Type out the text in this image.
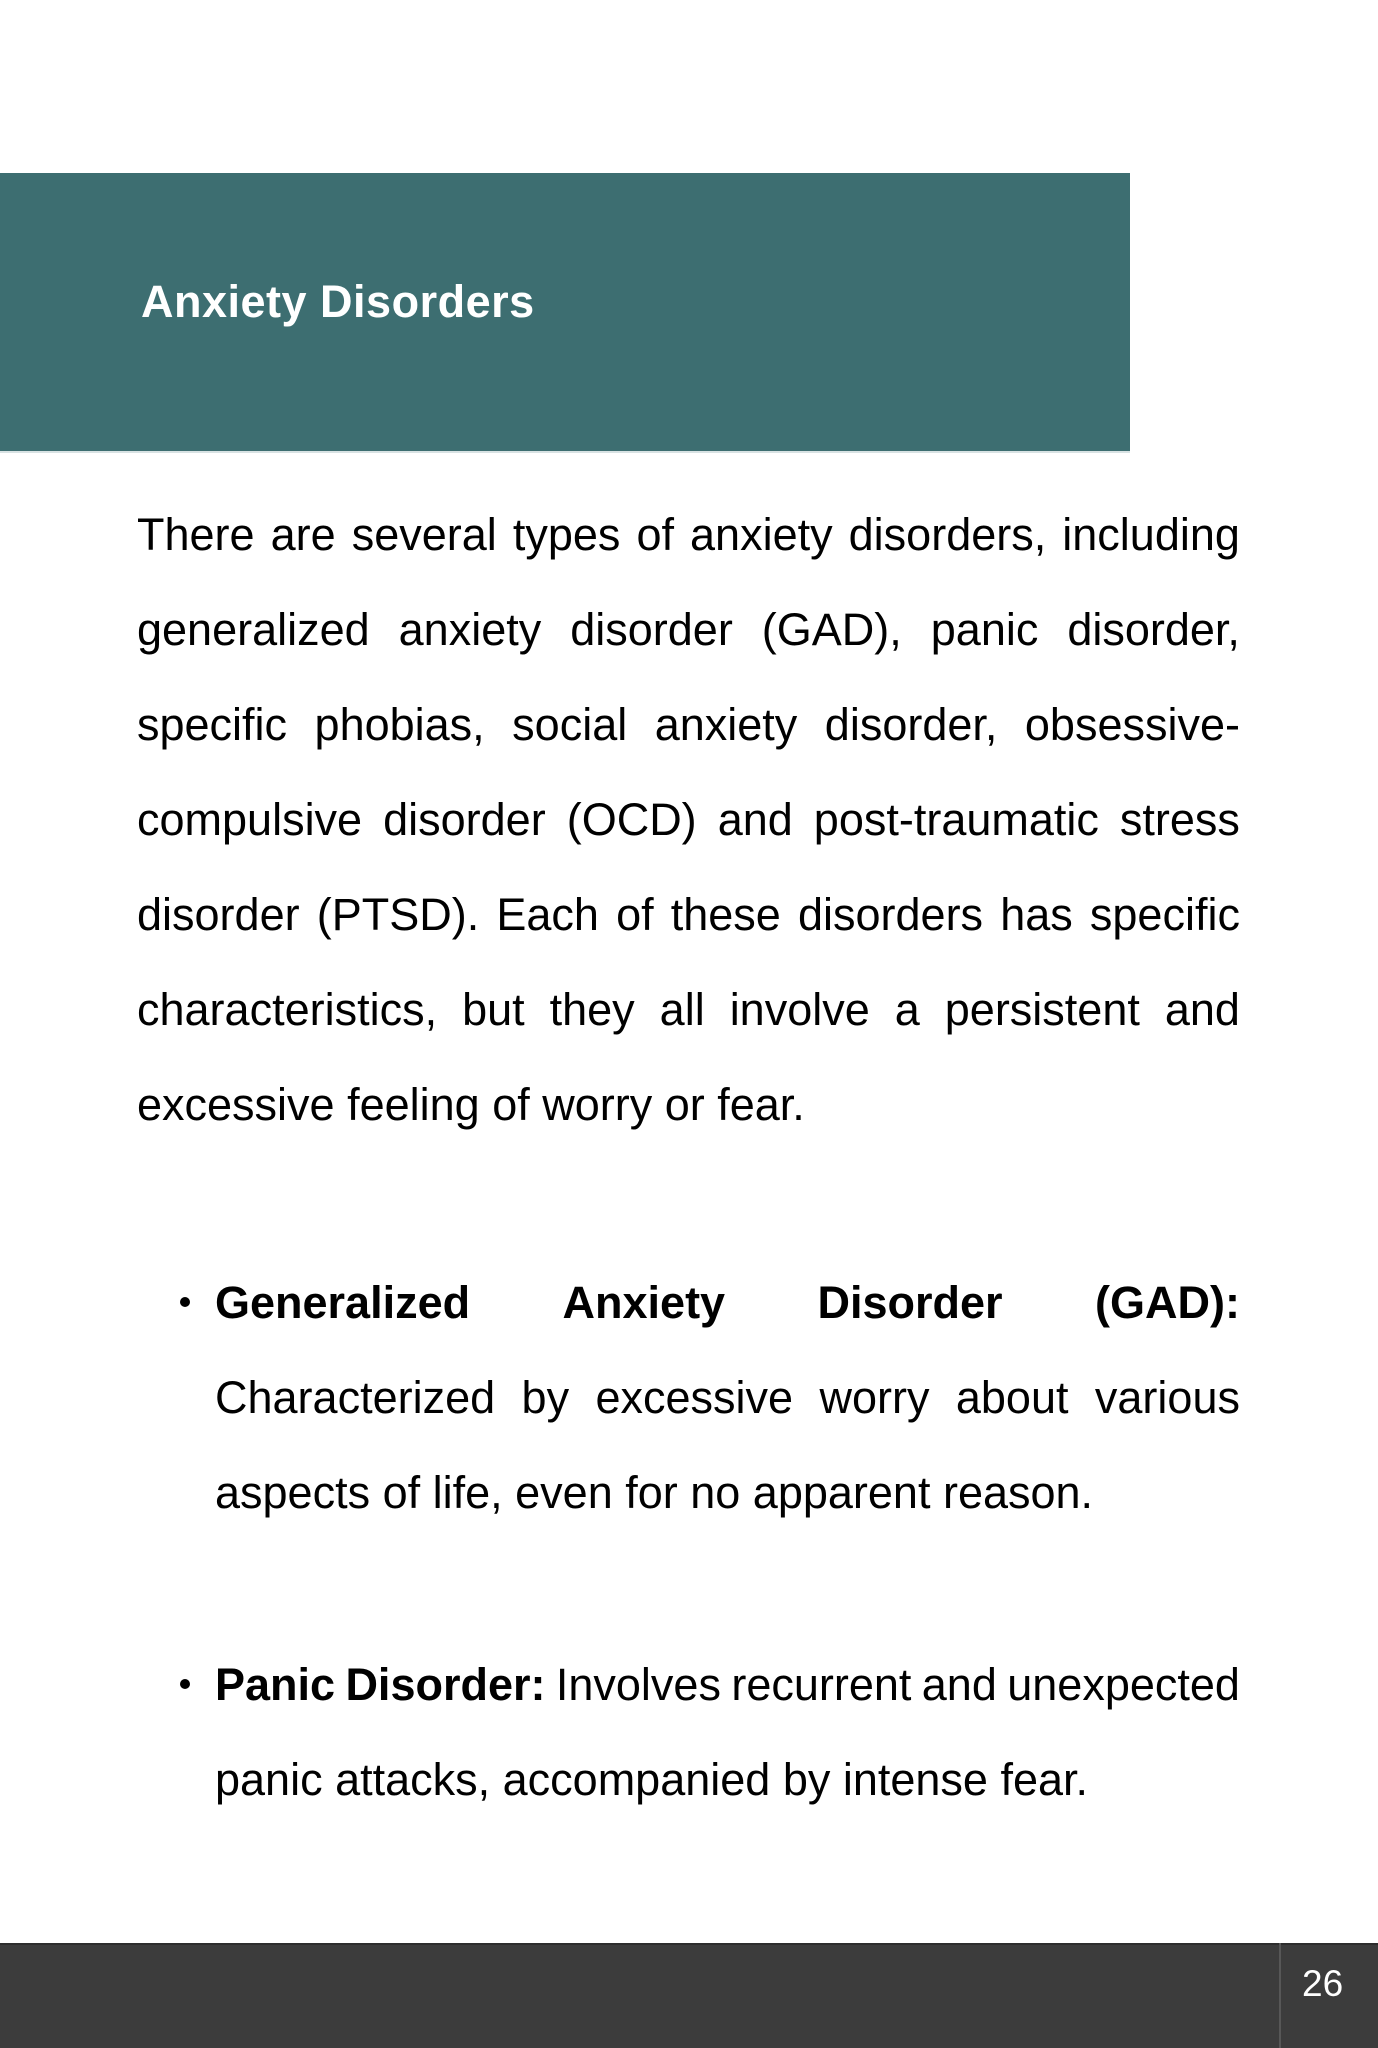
Anxiety Disorders
There are several types of anxiety disorders, including
generalized anxiety disorder (GAD), panic disorder,
specific phobias, social anxiety disorder, obsessive-
compulsive disorder (OCD) and post-traumatic stress
disorder (PTSD). Each of these disorders has specific
characteristics, but they all involve a persistent and
excessive feeling of worry or fear.
Generalized Anxiety Disorder (GAD):
Characterized by excessive worry about various
aspects of life, even for no apparent reason.
Panic Disorder: Involves recurrent and unexpected
panic attacks, accompanied by intense fear.
26
